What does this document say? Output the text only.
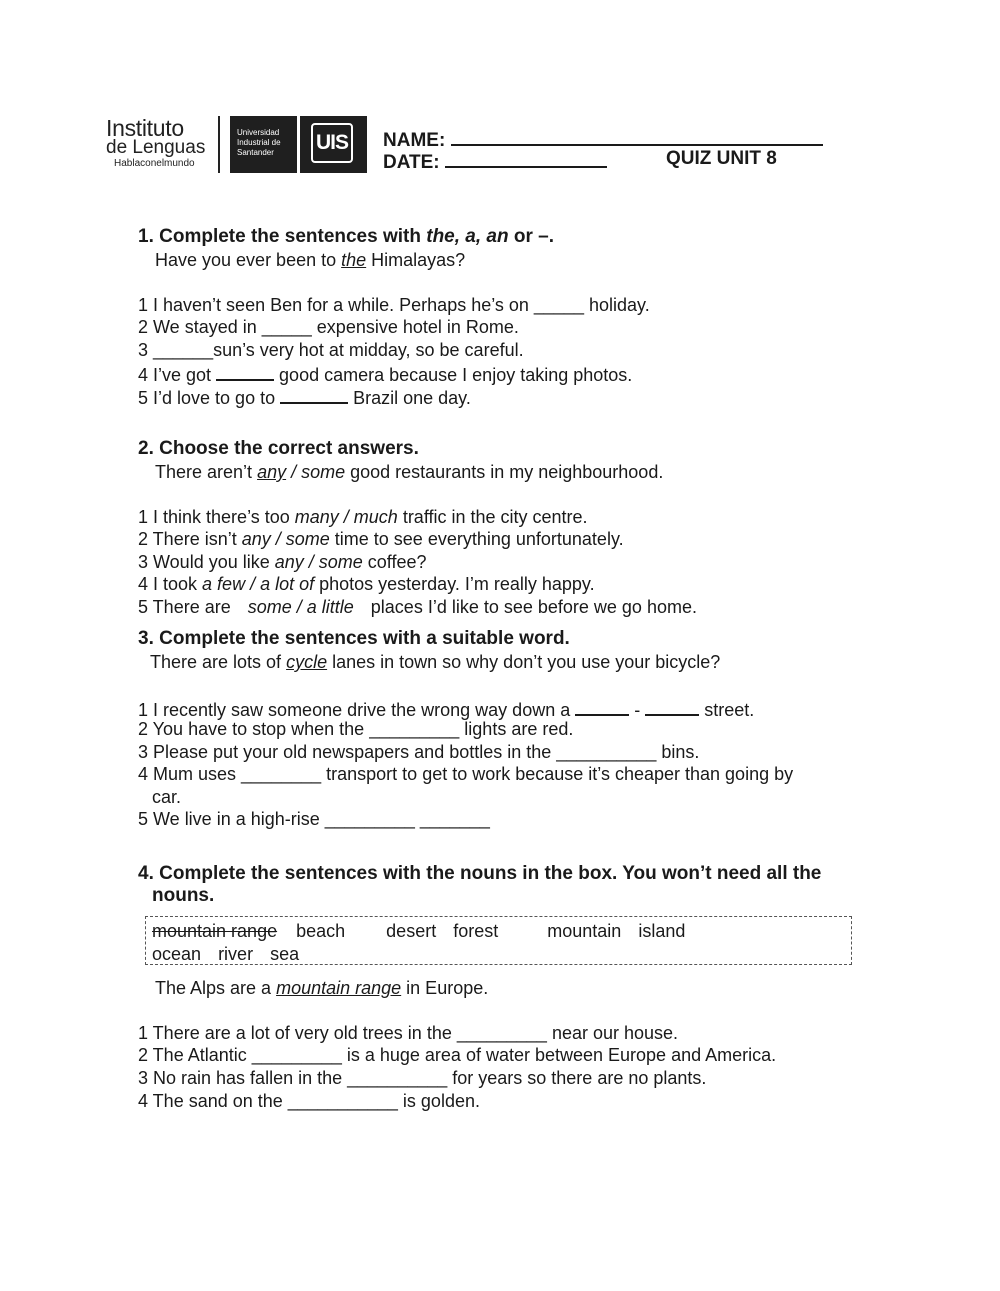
Instituto
de Lenguas
Hablaconelmundo
Universidad
Industrial de
Santander	UIS NAME:
DATE:	QUIZ UNIT 8
1. Complete the sentences with the, a, an or –.
Have you ever been to the Himalayas?
1 I haven’t seen Ben for a while. Perhaps he’s on _____ holiday.
2 We stayed in _____ expensive hotel in Rome.
3 ______sun’s very hot at midday, so be careful.
4 I’ve got	good camera because I enjoy taking photos.
5 I’d love to go to	Brazil one day.
2. Choose the correct answers.
There aren’t any / some good restaurants in my neighbourhood.
1 I think there’s too many / much traffic in the city centre.
2 There isn’t any / some time to see everything unfortunately.
3 Would you like any / some coffee?
4 I took a few / a lot of photos yesterday. I’m really happy.
5 There are some / a little places I’d like to see before we go home.
3. Complete the sentences with a suitable word.
There are lots of cycle lanes in town so why don’t you use your bicycle?
1 I recently saw someone drive the wrong way down a	-	street.
2 You have to stop when the _________ lights are red.
3 Please put your old newspapers and bottles in the __________ bins.
4 Mum uses ________ transport to get to work because it’s cheaper than going by
car.
5 We live in a high-rise _________ _______
4. Complete the sentences with the nouns in the box. You won’t need all the
nouns.
mountain range beach desert forest	mountain island
ocean river sea
The Alps are a mountain range in Europe.
1 There are a lot of very old trees in the _________ near our house.
2 The Atlantic _________ is a huge area of water between Europe and America.
3 No rain has fallen in the __________ for years so there are no plants.
4 The sand on the ___________ is golden.
